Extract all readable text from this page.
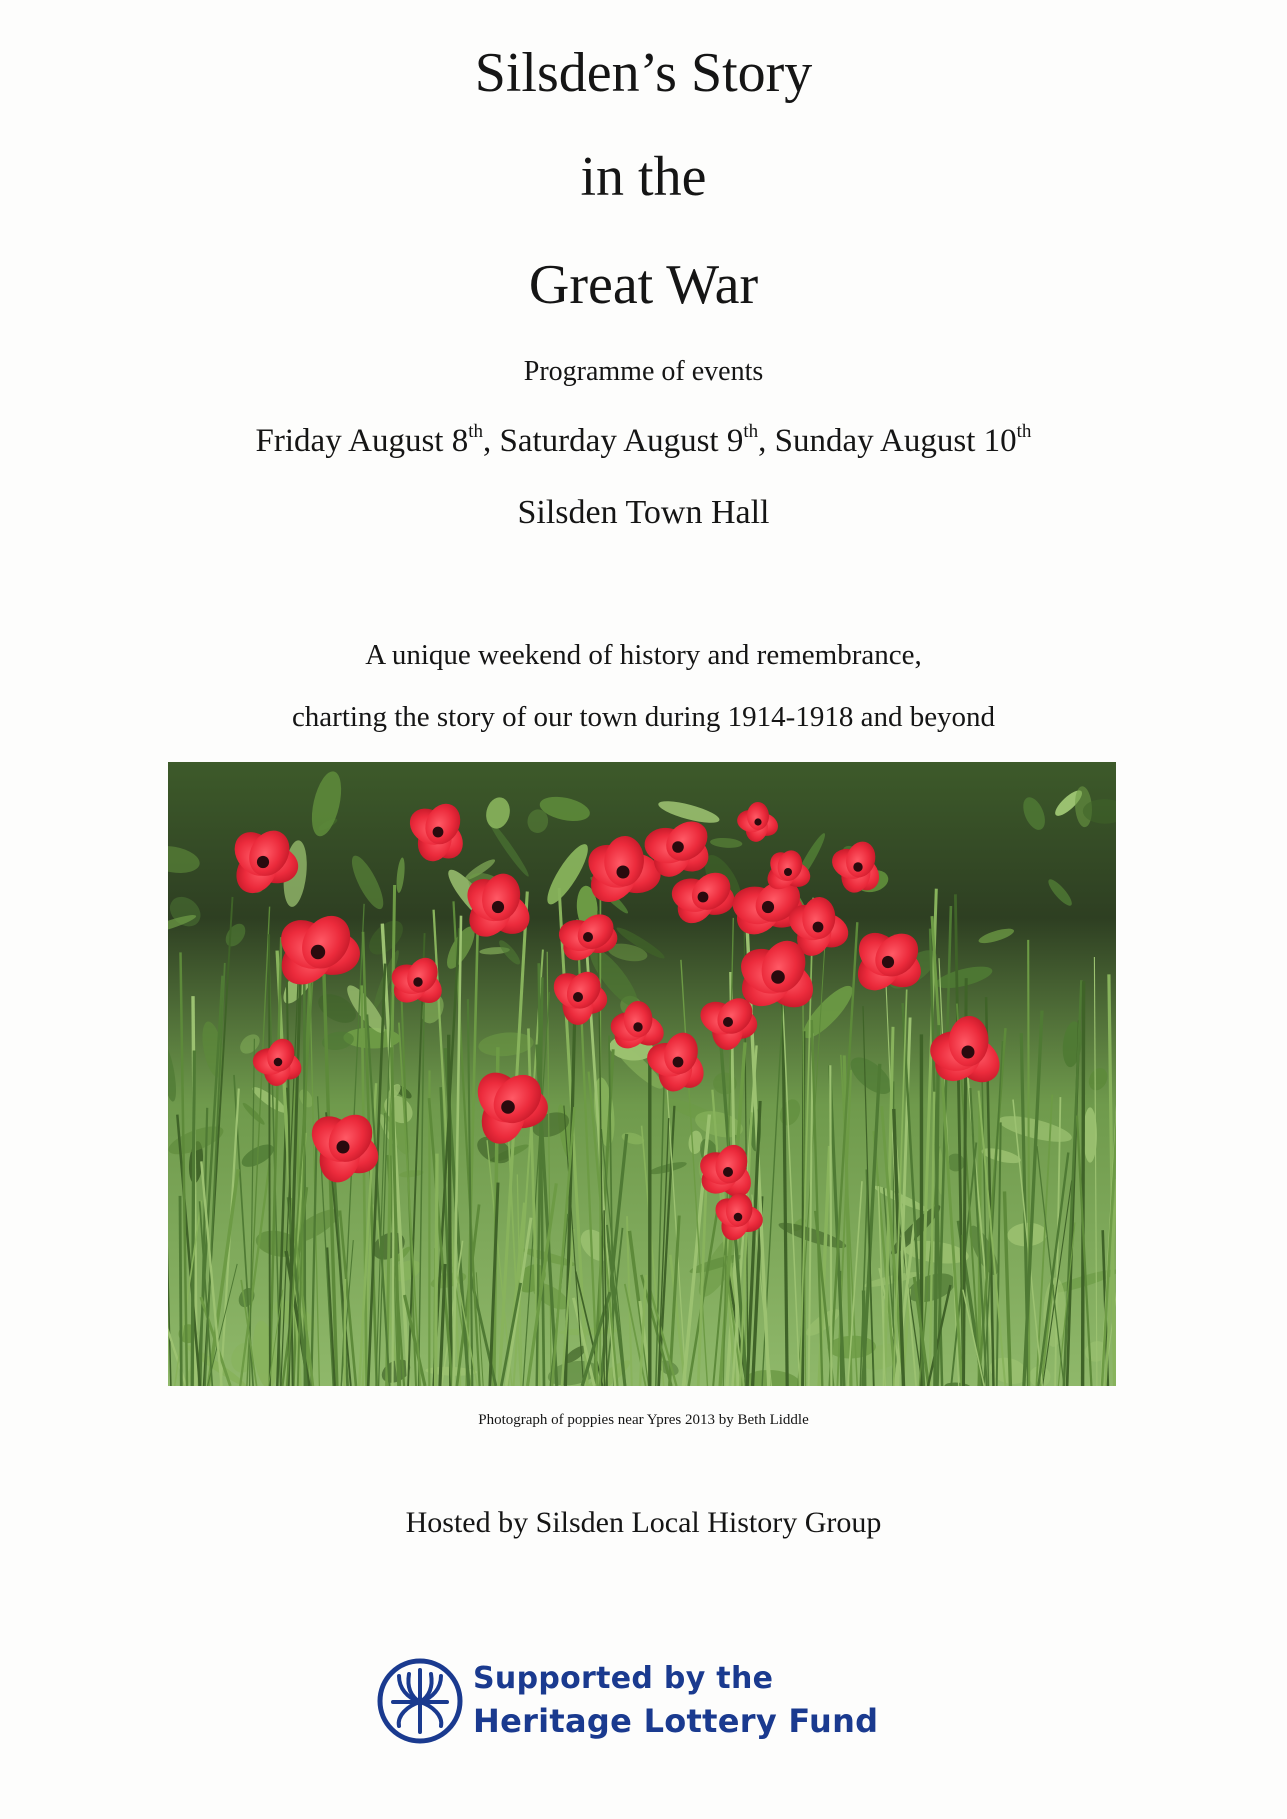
Silsden’s Story
in the
Great War
Programme of events
Friday August 8th, Saturday August 9th, Sunday August 10th
Silsden Town Hall
A unique weekend of history and remembrance,
charting the story of our town during 1914-1918 and beyond
Photograph of poppies near Ypres 2013 by Beth Liddle
Hosted by Silsden Local History Group
Supported by the
Heritage Lottery Fund
